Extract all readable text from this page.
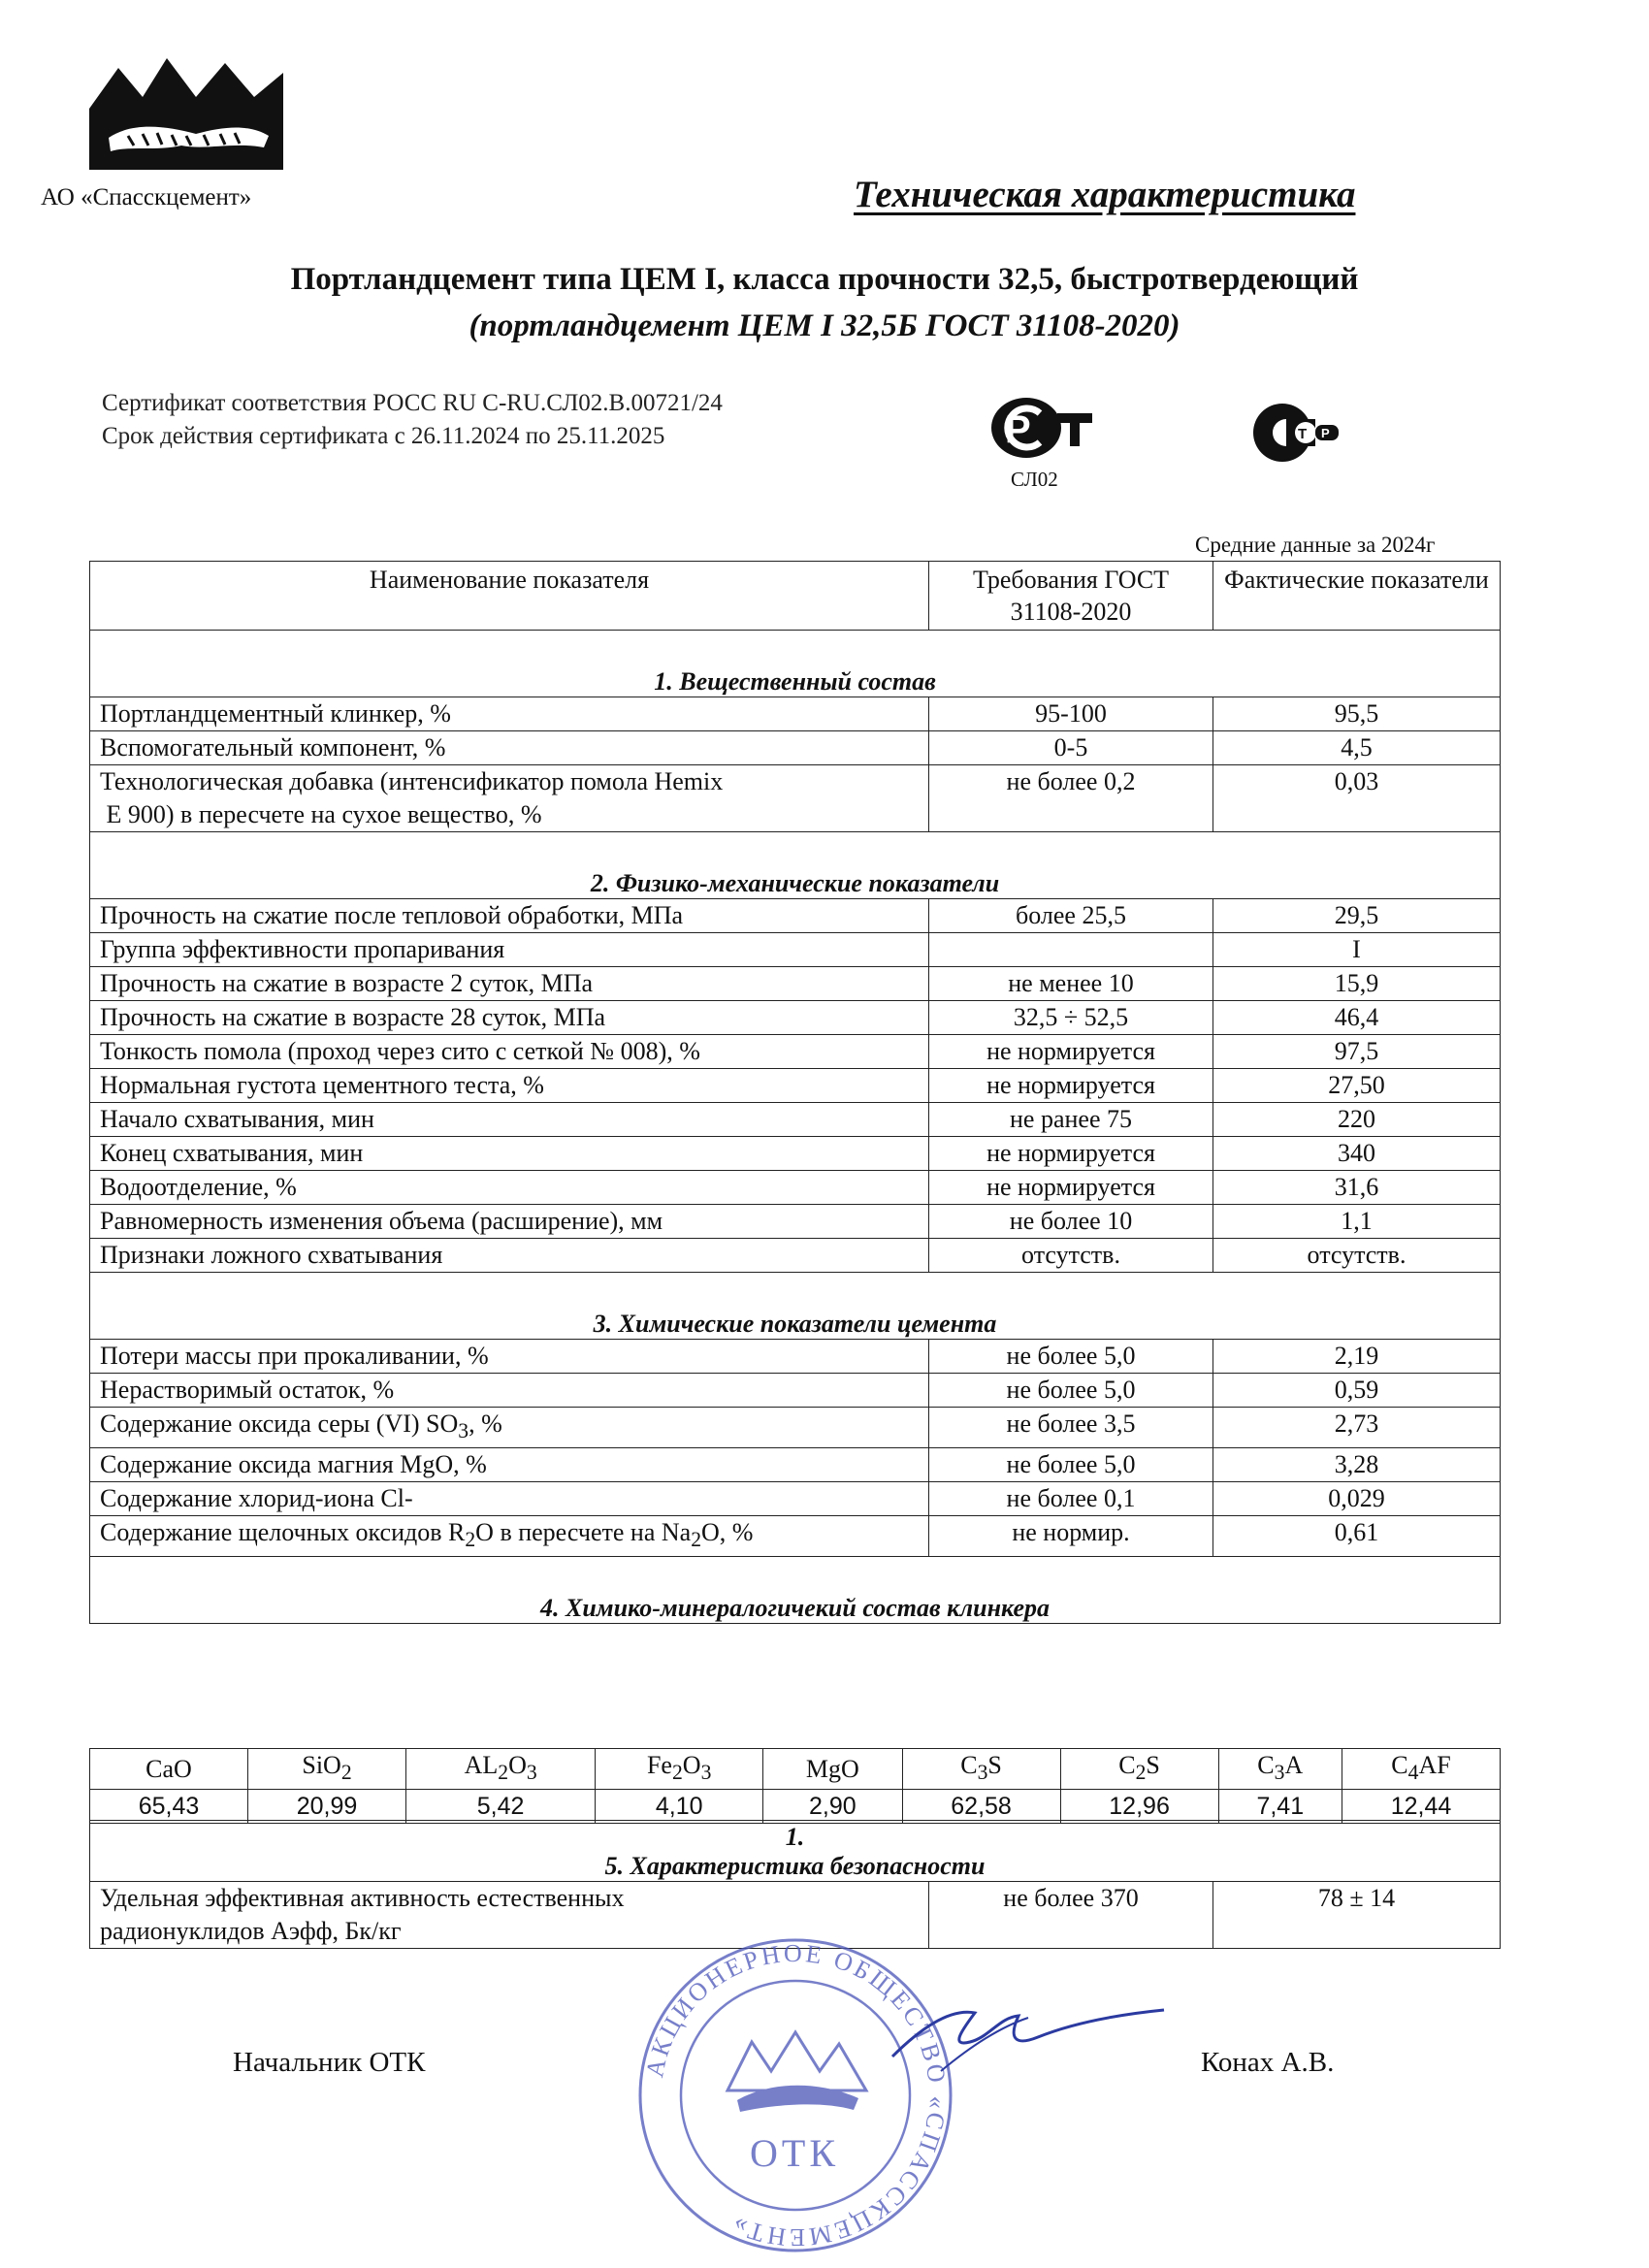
АО «Спасскцемент»	Техническая характеристика
Портландцемент типа ЦЕМ I, класса прочности 32,5, быстротвердеющий
(портландцемент ЦЕМ I 32,5Б ГОСТ 31108-2020)
Сертификат соответствия РОСС RU C-RU.СЛ02.В.00721/24
Срок действия сертификата с 26.11.2024 по 25.11.2025	Р
СЛ02
Т Р
Средние данные за 2024г
Наименование показателя	Требования ГОСТ 31108-2020	Фактические показатели
1. Вещественный состав		
Портландцементный клинкер, %	95-100	95,5
Вспомогательный компонент, %	0-5	4,5
Технологическая добавка (интенсификатор помола Hemix
E 900) в пересчете на сухое вещество, %	не более 0,2	0,03
2. Физико-механические показатели		
Прочность на сжатие после тепловой обработки, МПа	более 25,5	29,5
Группа эффективности пропаривания		I
Прочность на сжатие в возрасте 2 суток, МПа	не менее 10	15,9
Прочность на сжатие в возрасте 28 суток, МПа	32,5 ÷ 52,5	46,4
Тонкость помола (проход через сито с сеткой № 008), %	не нормируется	97,5
Нормальная густота цементного теста, %	не нормируется	27,50
Начало схватывания, мин	не ранее 75	220
Конец схватывания, мин	не нормируется	340
Водоотделение, %	не нормируется	31,6
Равномерность изменения объема (расширение), мм	не более 10	1,1
Признаки ложного схватывания	отсутств.	отсутств.
3. Химические показатели цемента		
Потери массы при прокаливании, %	не более 5,0	2,19
Нерастворимый остаток, %	не более 5,0	0,59
Содержание оксида серы (VI) $SO_3$, %	не более 3,5	2,73
Содержание оксида магния MgO, %	не более 5,0	3,28
Содержание хлорид-иона Cl-	не более 0,1	0,029
Содержание щелочных оксидов $R_2O$ в пересчете на $Na_2O$, %	не нормир.	0,61
4. Химико-минералогичекий состав клинкера		
CaO	SiO$_2$	$AL_2O_3$	$Fe_2O_3$	MgO	$C_3S$	$C_2S$	$C_3A$	$C_4AF$
65,43	20,99	5,42	4,10	2,90	62,58	12,96	7,41	12,44
1.
5. Характеристика безопасности
Удельная эффективная активность естественных
радионуклидов Аэфф, Бк/кг	не более 370	78 ± 14
Начальник ОТК	Конах А.В.
АКЦИОНЕРНОЕ ОБЩЕСТВО «СПАССКЦЕМЕНТ»
ОТК
